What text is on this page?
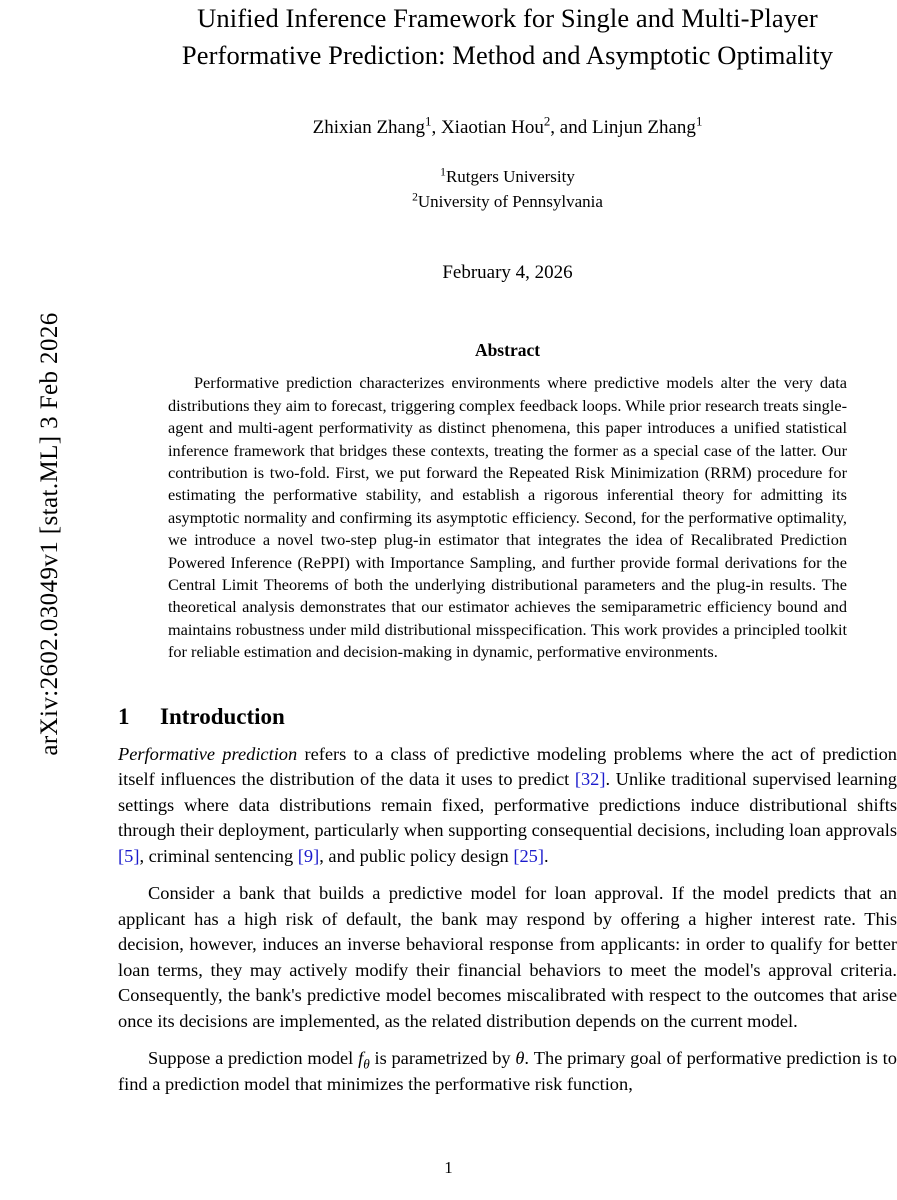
arXiv:2602.03049v1 [stat.ML] 3 Feb 2026
Unified Inference Framework for Single and Multi-Player
Performative Prediction: Method and Asymptotic Optimality
Zhixian Zhang$^1$, Xiaotian Hou$^2$, and Linjun Zhang$^1$
$^1$Rutgers University
$^2$University of Pennsylvania
February 4, 2026
Abstract
Performative prediction characterizes environments where predictive models alter the very data distributions they aim to forecast, triggering complex feedback loops. While prior research treats single-agent and multi-agent performativity as distinct phenomena, this paper introduces a unified statistical inference framework that bridges these contexts, treating the former as a special case of the latter. Our contribution is two-fold. First, we put forward the Repeated Risk Minimization (RRM) procedure for estimating the performative stability, and establish a rigorous inferential theory for admitting its asymptotic normality and confirming its asymptotic efficiency. Second, for the performative optimality, we introduce a novel two-step plug-in estimator that integrates the idea of Recalibrated Prediction Powered Inference (RePPI) with Importance Sampling, and further provide formal derivations for the Central Limit Theorems of both the underlying distributional parameters and the plug-in results. The theoretical analysis demonstrates that our estimator achieves the semiparametric efficiency bound and maintains robustness under mild distributional misspecification. This work provides a principled toolkit for reliable estimation and decision-making in dynamic, performative environments.
1 Introduction

Performative prediction refers to a class of predictive modeling problems where the act of prediction itself influences the distribution of the data it uses to predict [32]. Unlike traditional supervised learning settings where data distributions remain fixed, performative predictions induce distributional shifts through their deployment, particularly when supporting consequential decisions, including loan approvals [5], criminal sentencing [9], and public policy design [25].

Consider a bank that builds a predictive model for loan approval. If the model predicts that an applicant has a high risk of default, the bank may respond by offering a higher interest rate. This decision, however, induces an inverse behavioral response from applicants: in order to qualify for better loan terms, they may actively modify their financial behaviors to meet the model's approval criteria. Consequently, the bank's predictive model becomes miscalibrated with respect to the outcomes that arise once its decisions are implemented, as the related distribution depends on the current model.

Suppose a prediction model $f_\theta$ is parametrized by θ. The primary goal of performative prediction is to find a prediction model that minimizes the performative risk function,

1
